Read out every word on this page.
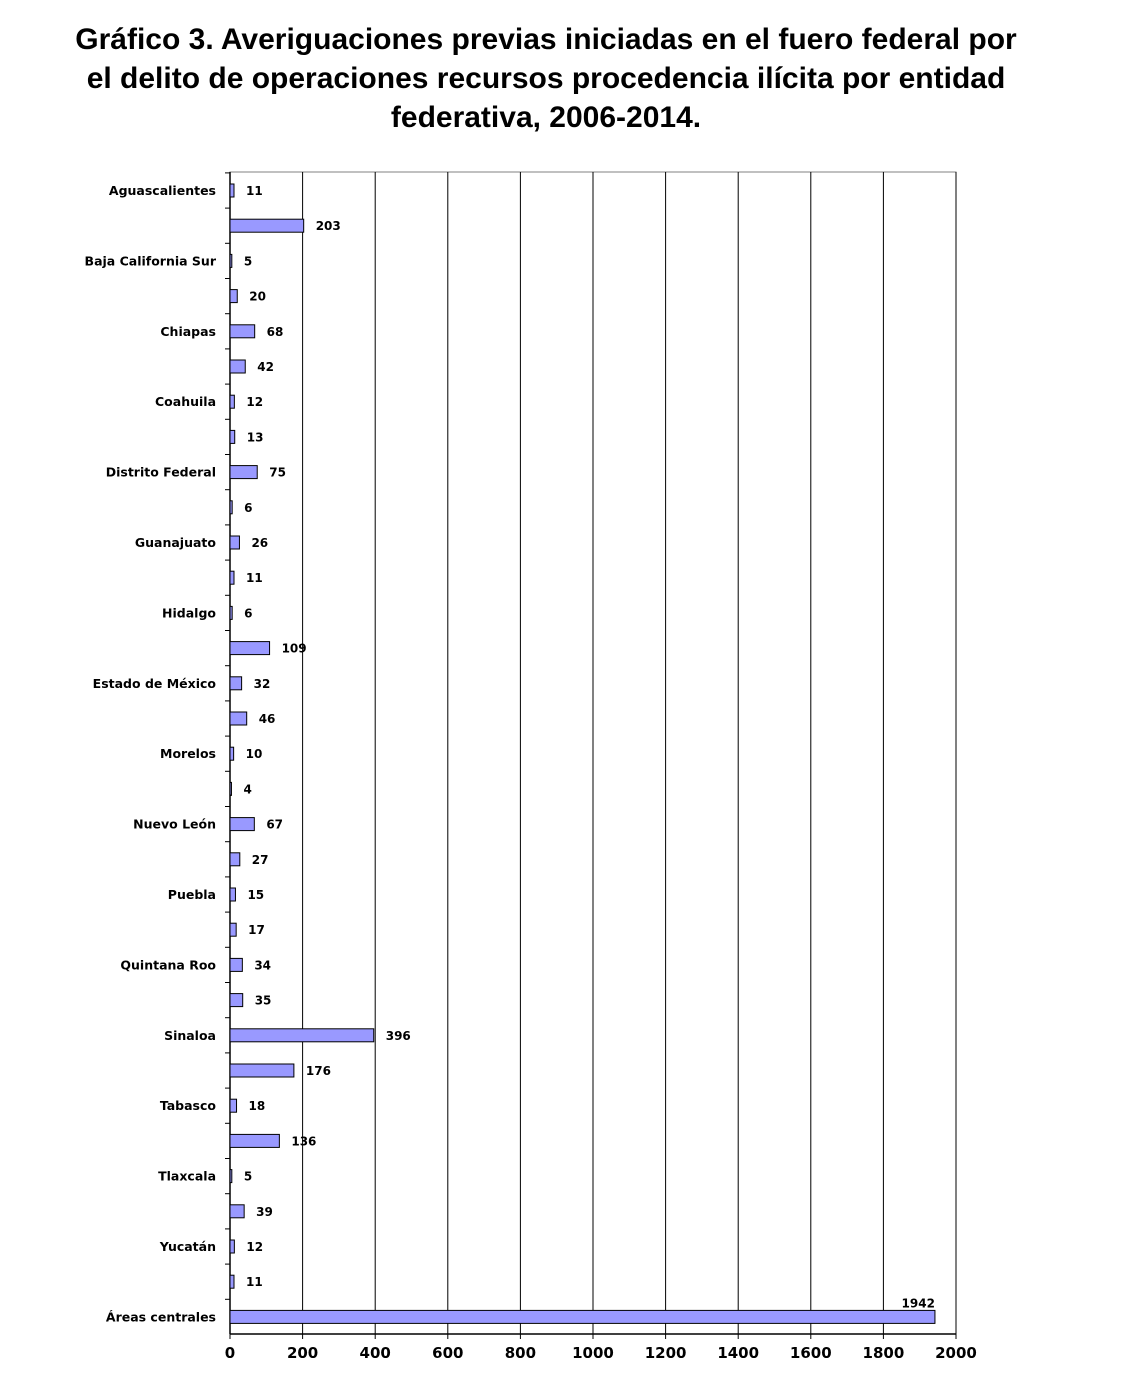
Gráfico 3. Averiguaciones previas iniciadas en el fuero federal por
el delito de operaciones recursos procedencia ilícita por entidad
federativa, 2006-2014.
0	200	400	600	800 1000 1200 1400 1600 1800 2000
11
Aguascalientes
203
5
Baja California Sur
20
68
Chiapas
42
12
Coahuila
13
75
Distrito Federal
6
26
Guanajuato
11
6
Hidalgo
109
32
Estado de México
46
10
Morelos
4
67
Nuevo León
27
15
Puebla
17
34
Quintana Roo
35
396
Sinaloa
176
18
Tabasco
136
5
Tlaxcala
39
12
Yucatán
11
1942
Áreas centrales
